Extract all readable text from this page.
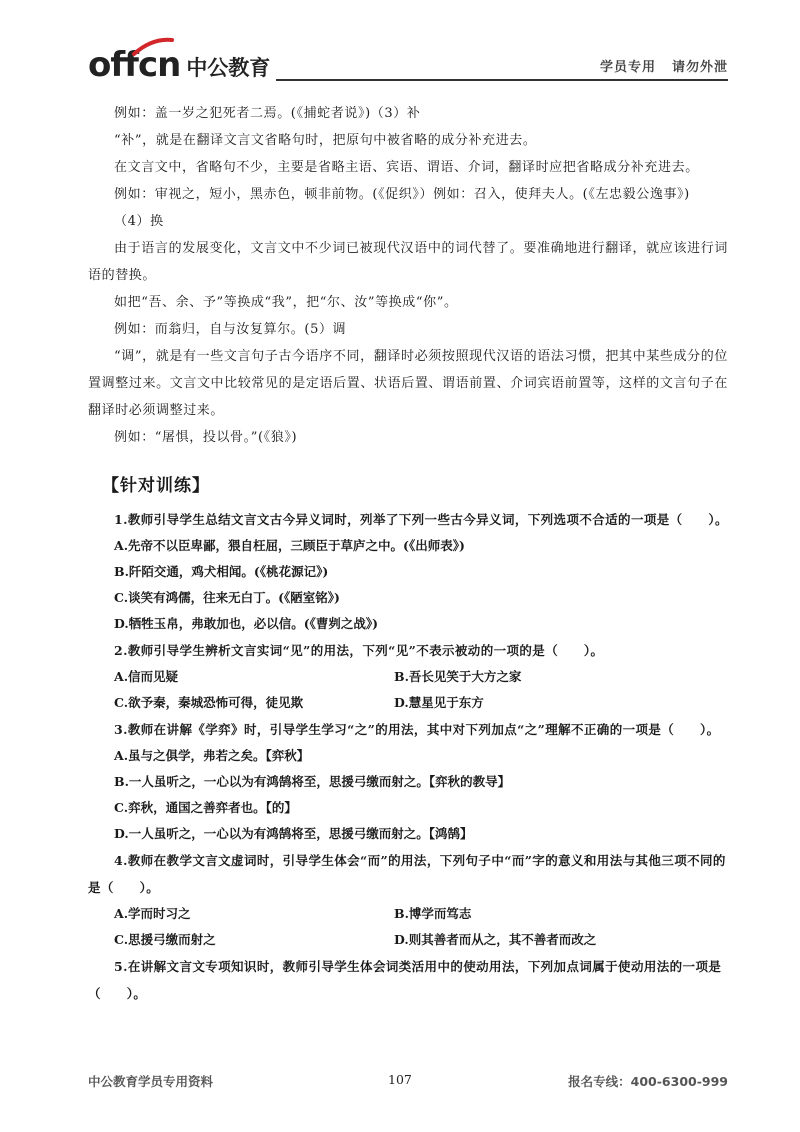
offcn 中公教育	学员专用 请勿外泄
例如：盖一岁之犯死者二焉。(《捕蛇者说》)（3）补
“补”，就是在翻译文言文省略句时，把原句中被省略的成分补充进去。
在文言文中，省略句不少，主要是省略主语、宾语、谓语、介词，翻译时应把省略成分补充进去。
例如：审视之，短小，黑赤色，顿非前物。(《促织》）例如：召入，使拜夫人。(《左忠毅公逸事》)
（4）换
由于语言的发展变化，文言文中不少词已被现代汉语中的词代替了。要准确地进行翻译，就应该进行词语的替换。
如把“吾、余、予”等换成“我”，把“尔、汝”等换成“你”。
例如：而翁归，自与汝复算尔。(5）调
“调”，就是有一些文言句子古今语序不同，翻译时必须按照现代汉语的语法习惯，把其中某些成分的位置调整过来。文言文中比较常见的是定语后置、状语后置、谓语前置、介词宾语前置等，这样的文言句子在翻译时必须调整过来。
例如：“屠惧，投以骨。”(《狼》)
【针对训练】
1.教师引导学生总结文言文古今异义词时，列举了下列一些古今异义词，下列选项不合适的一项是（　　）。
A.先帝不以臣卑鄙，猥自枉屈，三顾臣于草庐之中。(《出师表》)
B.阡陌交通，鸡犬相闻。(《桃花源记》)
C.谈笑有鸿儒，往来无白丁。(《陋室铭》)
D.牺牲玉帛，弗敢加也，必以信。(《曹刿之战》)
2.教师引导学生辨析文言实词“见”的用法，下列“见”不表示被动的一项的是（　　）。
A.信而见疑	B.吾长见笑于大方之家
C.欲予秦，秦城恐怖可得，徒见欺	D.慧星见于东方
3.教师在讲解《学弈》时，引导学生学习“之”的用法，其中对下列加点“之”理解不正确的一项是（　　）。
A.虽与之俱学，弗若之矣。【弈秋】
B.一人虽听之，一心以为有鸿鹄将至，思援弓缴而射之。【弈秋的教导】
C.弈秋，通国之善弈者也。【的】
D.一人虽听之，一心以为有鸿鹄将至，思援弓缴而射之。【鸿鹄】
4.教师在教学文言文虚词时，引导学生体会“而”的用法，下列句子中“而”字的意义和用法与其他三项不同的是（　　）。
A.学而时习之	B.博学而笃志
C.思援弓缴而射之	D.则其善者而从之，其不善者而改之
5.在讲解文言文专项知识时，教师引导学生体会词类活用中的使动用法，下列加点词属于使动用法的一项是（　　）。
中公教育学员专用资料	107	报名专线：400-6300-999
